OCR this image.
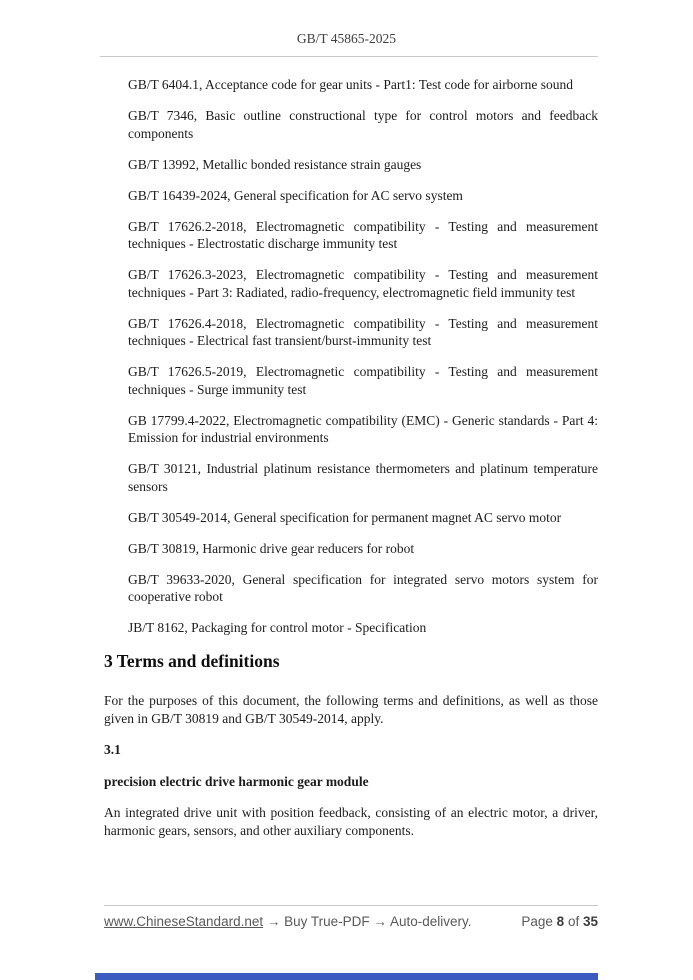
GB/T 45865-2025

GB/T 6404.1, Acceptance code for gear units - Part1: Test code for airborne sound

GB/T 7346, Basic outline constructional type for control motors and feedback components

GB/T 13992, Metallic bonded resistance strain gauges

GB/T 16439-2024, General specification for AC servo system

GB/T 17626.2-2018, Electromagnetic compatibility - Testing and measurement techniques - Electrostatic discharge immunity test

GB/T 17626.3-2023, Electromagnetic compatibility - Testing and measurement techniques - Part 3: Radiated, radio-frequency, electromagnetic field immunity test

GB/T 17626.4-2018, Electromagnetic compatibility - Testing and measurement techniques - Electrical fast transient/burst-immunity test

GB/T 17626.5-2019, Electromagnetic compatibility - Testing and measurement techniques - Surge immunity test

GB 17799.4-2022, Electromagnetic compatibility (EMC) - Generic standards - Part 4: Emission for industrial environments

GB/T 30121, Industrial platinum resistance thermometers and platinum temperature sensors

GB/T 30549-2014, General specification for permanent magnet AC servo motor

GB/T 30819, Harmonic drive gear reducers for robot

GB/T 39633-2020, General specification for integrated servo motors system for cooperative robot

JB/T 8162, Packaging for control motor - Specification

3 Terms and definitions

For the purposes of this document, the following terms and definitions, as well as those given in GB/T 30819 and GB/T 30549-2014, apply.

3.1

precision electric drive harmonic gear module

An integrated drive unit with position feedback, consisting of an electric motor, a driver, harmonic gears, sensors, and other auxiliary components.

www.ChineseStandard.net → Buy True-PDF → Auto-delivery.	Page 8 of 35
